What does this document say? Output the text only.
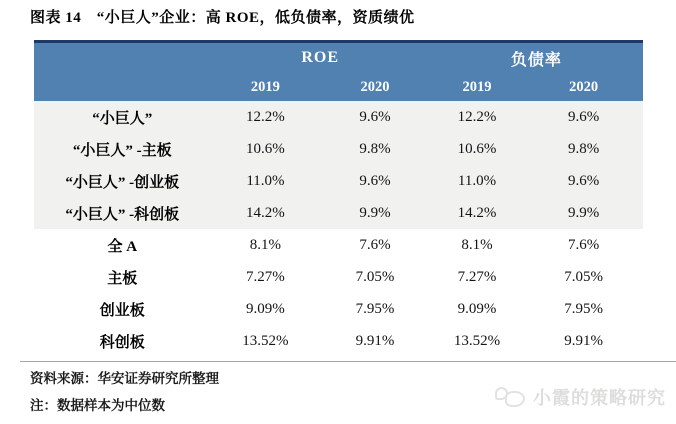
图表 14　“小巨人”企业：高 ROE，低负债率，资质绩优
	ROE		负债率	
	2019	2020	2019	2020
“小巨人”	12.2%	9.6%	12.2%	9.6%
“小巨人” -主板	10.6%	9.8%	10.6%	9.8%
“小巨人” -创业板	11.0%	9.6%	11.0%	9.6%
“小巨人” -科创板	14.2%	9.9%	14.2%	9.9%
全 A	8.1%	7.6%	8.1%	7.6%
主板	7.27%	7.05%	7.27%	7.05%
创业板	9.09%	7.95%	9.09%	7.95%
科创板	13.52%	9.91%	13.52%	9.91%
资料来源：华安证券研究所整理
注：数据样本为中位数	小霞的策略研究
